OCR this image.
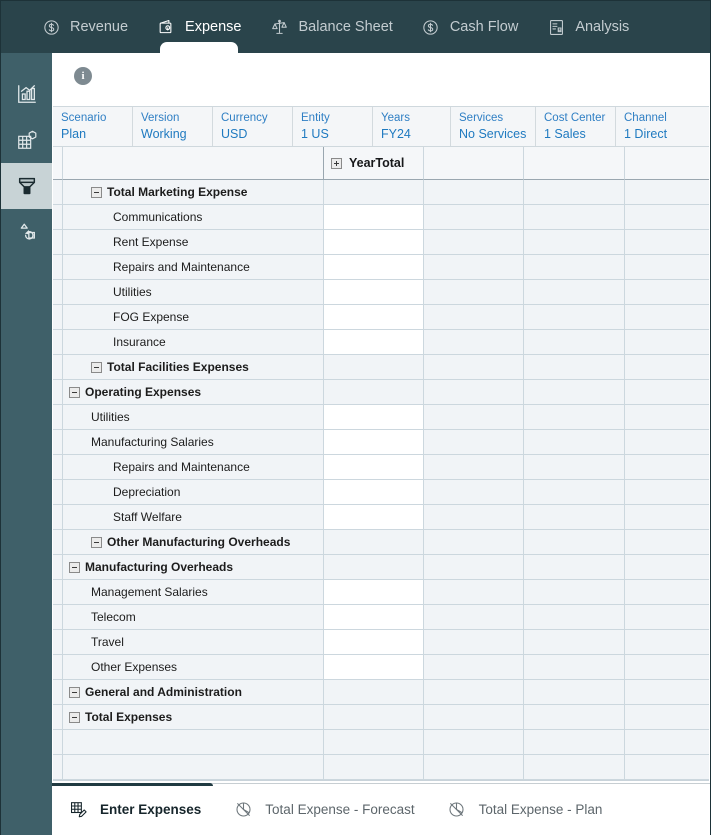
Revenue	Expense	Balance Sheet	Cash Flow	Analysis
i
Scenario
Plan
Version
Working
Currency
USD
Entity
1 US
Years
FY24
Services
No Services
Cost Center
1 Sales
Channel
1 Direct
YearTotal
Total Marketing Expense
Communications
Rent Expense
Repairs and Maintenance
Utilities
FOG Expense
Insurance
Total Facilities Expenses
Operating Expenses
Utilities
Manufacturing Salaries
Repairs and Maintenance
Depreciation
Staff Welfare
Other Manufacturing Overheads
Manufacturing Overheads
Management Salaries
Telecom
Travel
Other Expenses
General and Administration
Total Expenses
Enter Expenses	Total Expense - Forecast	Total Expense - Plan
